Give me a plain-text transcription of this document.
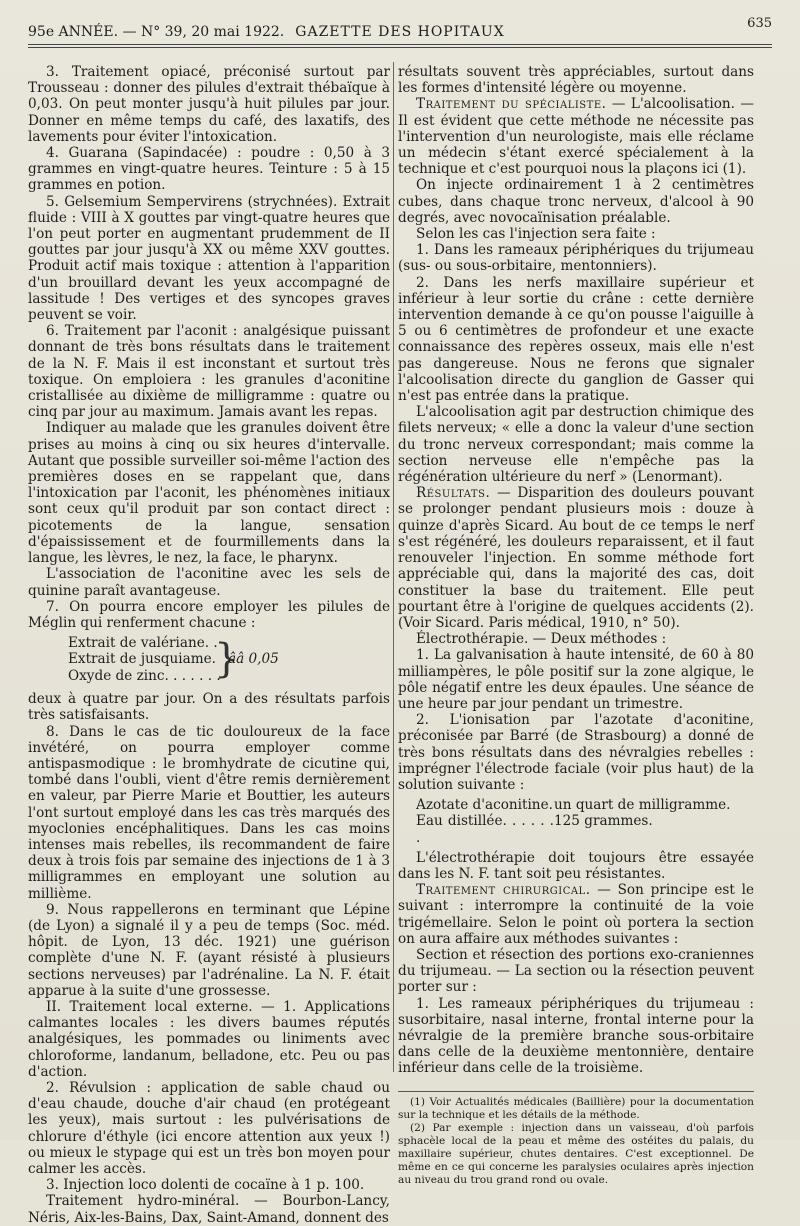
95e ANNÉE. — N° 39, 20 mai 1922. GAZETTE DES HOPITAUX
635

3. Traitement opiacé, préconisé surtout par Trousseau : donner des pilules d'extrait thébaïque à 0,03. On peut monter jusqu'à huit pilules par jour. Donner en même temps du café, des laxatifs, des lavements pour éviter l'intoxication.

4. Guarana (Sapindacée) : poudre : 0,50 à 3 grammes en vingt-quatre heures. Teinture : 5 à 15 grammes en potion.

5. Gelsemium Sempervirens (strychnées). Extrait fluide : VIII à X gouttes par vingt-quatre heures que l'on peut porter en augmentant prudemment de II gouttes par jour jusqu'à XX ou même XXV gouttes. Produit actif mais toxique : attention à l'apparition d'un brouillard devant les yeux accompagné de lassitude ! Des vertiges et des syncopes graves peuvent se voir.

6. Traitement par l'aconit : analgésique puissant donnant de très bons résultats dans le traitement de la N. F. Mais il est inconstant et surtout très toxique. On emploiera : les granules d'aconitine cristallisée au dixième de milligramme : quatre ou cinq par jour au maximum. Jamais avant les repas.

Indiquer au malade que les granules doivent être prises au moins à cinq ou six heures d'intervalle. Autant que possible surveiller soi-même l'action des premières doses en se rappelant que, dans l'intoxication par l'aconit, les phénomènes initiaux sont ceux qu'il produit par son contact direct : picotements de la langue, sensation d'épaississement et de fourmillements dans la langue, les lèvres, le nez, la face, le pharynx.

L'association de l'aconitine avec les sels de quinine paraît avantageuse.

7. On pourra encore employer les pilules de Méglin qui renferment chacune :

Extrait de valériane. .
Extrait de jusquiame.
Oxyde de zinc. . . . . . .
}
ââ 0,05

deux à quatre par jour. On a des résultats parfois très satisfaisants.

8. Dans le cas de tic douloureux de la face invétéré, on pourra employer comme antispasmodique : le bromhydrate de cicutine qui, tombé dans l'oubli, vient d'être remis dernièrement en valeur, par Pierre Marie et Bouttier, les auteurs l'ont surtout employé dans les cas très marqués des myoclonies encéphalitiques. Dans les cas moins intenses mais rebelles, ils recommandent de faire deux à trois fois par semaine des injections de 1 à 3 milligrammes en employant une solution au millième.

9. Nous rappellerons en terminant que Lépine (de Lyon) a signalé il y a peu de temps (Soc. méd. hôpit. de Lyon, 13 déc. 1921) une guérison complète d'une N. F. (ayant résisté à plusieurs sections nerveuses) par l'adrénaline. La N. F. était apparue à la suite d'une grossesse.

II. Traitement local externe. — 1. Applications calmantes locales : les divers baumes réputés analgésiques, les pommades ou liniments avec chloroforme, landanum, belladone, etc. Peu ou pas d'action.

2. Révulsion : application de sable chaud ou d'eau chaude, douche d'air chaud (en protégeant les yeux), mais surtout : les pulvérisations de chlorure d'éthyle (ici encore attention aux yeux !) ou mieux le stypage qui est un très bon moyen pour calmer les accès.

3. Injection loco dolenti de cocaïne à 1 p. 100.

Traitement hydro-minéral. — Bourbon-Lancy, Néris, Aix-les-Bains, Dax, Saint-Amand, donnent des

résultats souvent très appréciables, surtout dans les formes d'intensité légère ou moyenne.

Traitement du spécialiste. — L'alcoolisation. — Il est évident que cette méthode ne nécessite pas l'intervention d'un neurologiste, mais elle réclame un médecin s'étant exercé spécialement à la technique et c'est pourquoi nous la plaçons ici (1).

On injecte ordinairement 1 à 2 centimètres cubes, dans chaque tronc nerveux, d'alcool à 90 degrés, avec novocaïnisation préalable.

Selon les cas l'injection sera faite :

1. Dans les rameaux périphériques du trijumeau (sus- ou sous-orbitaire, mentonniers).

2. Dans les nerfs maxillaire supérieur et inférieur à leur sortie du crâne : cette dernière intervention demande à ce qu'on pousse l'aiguille à 5 ou 6 centimètres de profondeur et une exacte connaissance des repères osseux, mais elle n'est pas dangereuse. Nous ne ferons que signaler l'alcoolisation directe du ganglion de Gasser qui n'est pas entrée dans la pratique.

L'alcoolisation agit par destruction chimique des filets nerveux; « elle a donc la valeur d'une section du tronc nerveux correspondant; mais comme la section nerveuse elle n'empêche pas la régénération ultérieure du nerf » (Lenormant).

Résultats. — Disparition des douleurs pouvant se prolonger pendant plusieurs mois : douze à quinze d'après Sicard. Au bout de ce temps le nerf s'est régénéré, les douleurs reparaissent, et il faut renouveler l'injection. En somme méthode fort appréciable qui, dans la majorité des cas, doit constituer la base du traitement. Elle peut pourtant être à l'origine de quelques accidents (2). (Voir Sicard. Paris médical, 1910, n° 50).

Électrothérapie. — Deux méthodes :

1. La galvanisation à haute intensité, de 60 à 80 milliampères, le pôle positif sur la zone algique, le pôle négatif entre les deux épaules. Une séance de une heure par jour pendant un trimestre.

2. L'ionisation par l'azotate d'aconitine, préconisée par Barré (de Strasbourg) a donné de très bons résultats dans des névralgies rebelles : imprégner l'électrode faciale (voir plus haut) de la solution suivante :

Azotate d'aconitine. un quart de milligramme.
Eau distillée. . . . . . .
125 grammes.

L'électrothérapie doit toujours être essayée dans les N. F. tant soit peu résistantes.

Traitement chirurgical. — Son principe est le suivant : interrompre la continuité de la voie trigémellaire. Selon le point où portera la section on aura affaire aux méthodes suivantes :

Section et résection des portions exo-craniennes du trijumeau. — La section ou la résection peuvent porter sur :

1. Les rameaux périphériques du trijumeau : susorbitaire, nasal interne, frontal interne pour la névralgie de la première branche sous-orbitaire dans celle de la deuxième mentonnière, dentaire inférieur dans celle de la troisième.

(1) Voir Actualités médicales (Baillière) pour la documentation sur la technique et les détails de la méthode.

(2) Par exemple : injection dans un vaisseau, d'où parfois sphacèle local de la peau et même des ostéites du palais, du maxillaire supérieur, chutes dentaires. C'est exceptionnel. De même en ce qui concerne les paralysies oculaires après injection au niveau du trou grand rond ou ovale.
